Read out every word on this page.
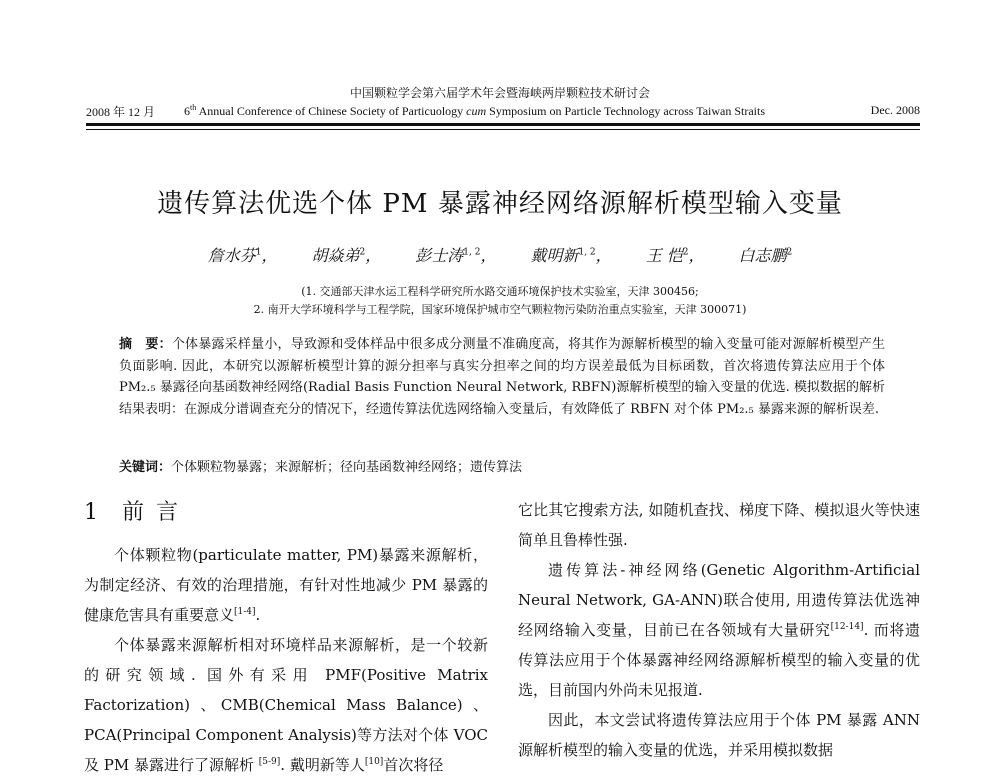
中国颗粒学会第六届学术年会暨海峡两岸颗粒技术研讨会
2008 年 12 月 6th Annual Conference of Chinese Society of Particuology cum Symposium on Particle Technology across Taiwan Straits	Dec. 2008
遗传算法优选个体 PM 暴露神经网络源解析模型输入变量
詹水芬$^1$， 胡焱弟$^2$， 彭士涛$^{1, 2}$， 戴明新$^{1, 2}$， 王 恺$^2$， 白志鹏$^2$
(1. 交通部天津水运工程科学研究所水路交通环境保护技术实验室，天津 300456;
2. 南开大学环境科学与工程学院，国家环境保护城市空气颗粒物污染防治重点实验室，天津 300071)
摘　要：个体暴露采样量小，导致源和受体样品中很多成分测量不准确度高，将其作为源解析模型的输入变量可能对源解析模型产生负面影响. 因此，本研究以源解析模型计算的源分担率与真实分担率之间的均方误差最低为目标函数，首次将遗传算法应用于个体 PM₂.₅ 暴露径向基函数神经网络(Radial Basis Function Neural Network, RBFN)源解析模型的输入变量的优选. 模拟数据的解析结果表明：在源成分谱调查充分的情况下，经遗传算法优选网络输入变量后，有效降低了 RBFN 对个体 PM₂.₅ 暴露来源的解析误差.
关键词：个体颗粒物暴露；来源解析；径向基函数神经网络；遗传算法
1 前言

个体颗粒物(particulate matter, PM)暴露来源解析，为制定经济、有效的治理措施，有针对性地减少 PM 暴露的健康危害具有重要意义[1-4].

个体暴露来源解析相对环境样品来源解析，是一个较新的研究领域. 国外有采用 PMF(Positive Matrix Factorization) 、CMB(Chemical Mass Balance) 、PCA(Principal Component Analysis)等方法对个体 VOC 及 PM 暴露进行了源解析 [5-9]. 戴明新等人[10]首次将径

它比其它搜索方法, 如随机查找、梯度下降、模拟退火等快速简单且鲁棒性强.

遗传算法-神经网络(Genetic Algorithm-Artificial Neural Network, GA-ANN)联合使用, 用遗传算法优选神经网络输入变量，目前已在各领域有大量研究[12-14]. 而将遗传算法应用于个体暴露神经网络源解析模型的输入变量的优选，目前国内外尚未见报道.

因此，本文尝试将遗传算法应用于个体 PM 暴露 ANN 源解析模型的输入变量的优选，并采用模拟数据
